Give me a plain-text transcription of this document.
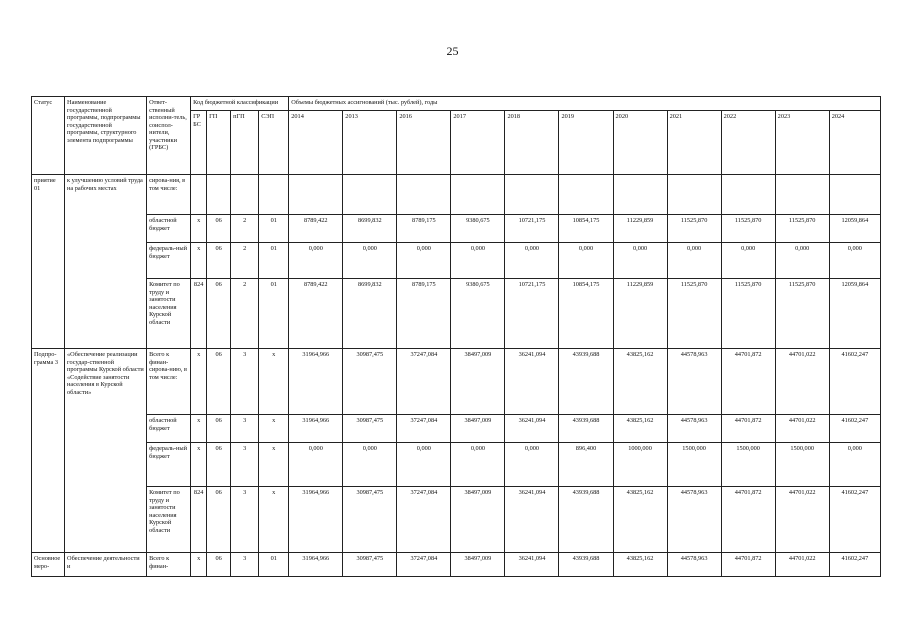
25
Статус	Наименование государственной программы, подпрограммы государственной программы, структурного элемента подпрограммы	Ответ-ственный исполни-тель, соиспол-нители, участники (ГРБС)	Код бюджетной классификации				Объемы бюджетных ассигнований (тыс. рублей), годы										
			ГР БС	ГП	пГП	СЭП	2014	2013	2016	2017	2018	2019	2020	2021	2022	2023	2024
приятие 01	к улучшению условий труда на рабочих местах	сирова-ния, в том числе:															
		областной бюджет	х	06	2	01	8789,422	8699,832	8789,175	9380,675	10721,175	10854,175	11229,859	11525,870	11525,870	11525,870	12059,864
		федераль-ный бюджет	х	06	2	01	0,000	0,000	0,000	0,000	0,000	0,000	0,000	0,000	0,000	0,000	0,000
		Комитет по труду и занятости населения Курской области	824	06	2	01	8789,422	8699,832	8789,175	9380,675	10721,175	10854,175	11229,859	11525,870	11525,870	11525,870	12059,864
Подпро-грамма 3	«Обеспечение реализации государ-ственной программы Курской области «Содействие занятости населения в Курской области»	Всего к финан-сирова-нию, в том числе:	х	06	3	х	31964,966	30987,475	37247,084	38497,009	36241,094	43939,688	43825,162	44578,963	44701,872	44701,022	41602,247
		областной бюджет	х	06	3	х	31964,966	30987,475	37247,084	38497,009	36241,094	43939,688	43825,162	44578,963	44701,872	44701,022	41602,247
		федераль-ный бюджет	х	06	3	х	0,000	0,000	0,000	0,000	0,000	896,400	1000,000	1500,000	1500,000	1500,000	0,000
		Комитет по труду и занятости населения Курской области	824	06	3	х	31964,966	30987,475	37247,084	38497,009	36241,094	43939,688	43825,162	44578,963	44701,872	44701,022	41602,247
Основное меро-	Обеспечение деятельности и	Всего к финан-	х	06	3	01	31964,966	30987,475	37247,084	38497,009	36241,094	43939,688	43825,162	44578,963	44701,872	44701,022	41602,247
